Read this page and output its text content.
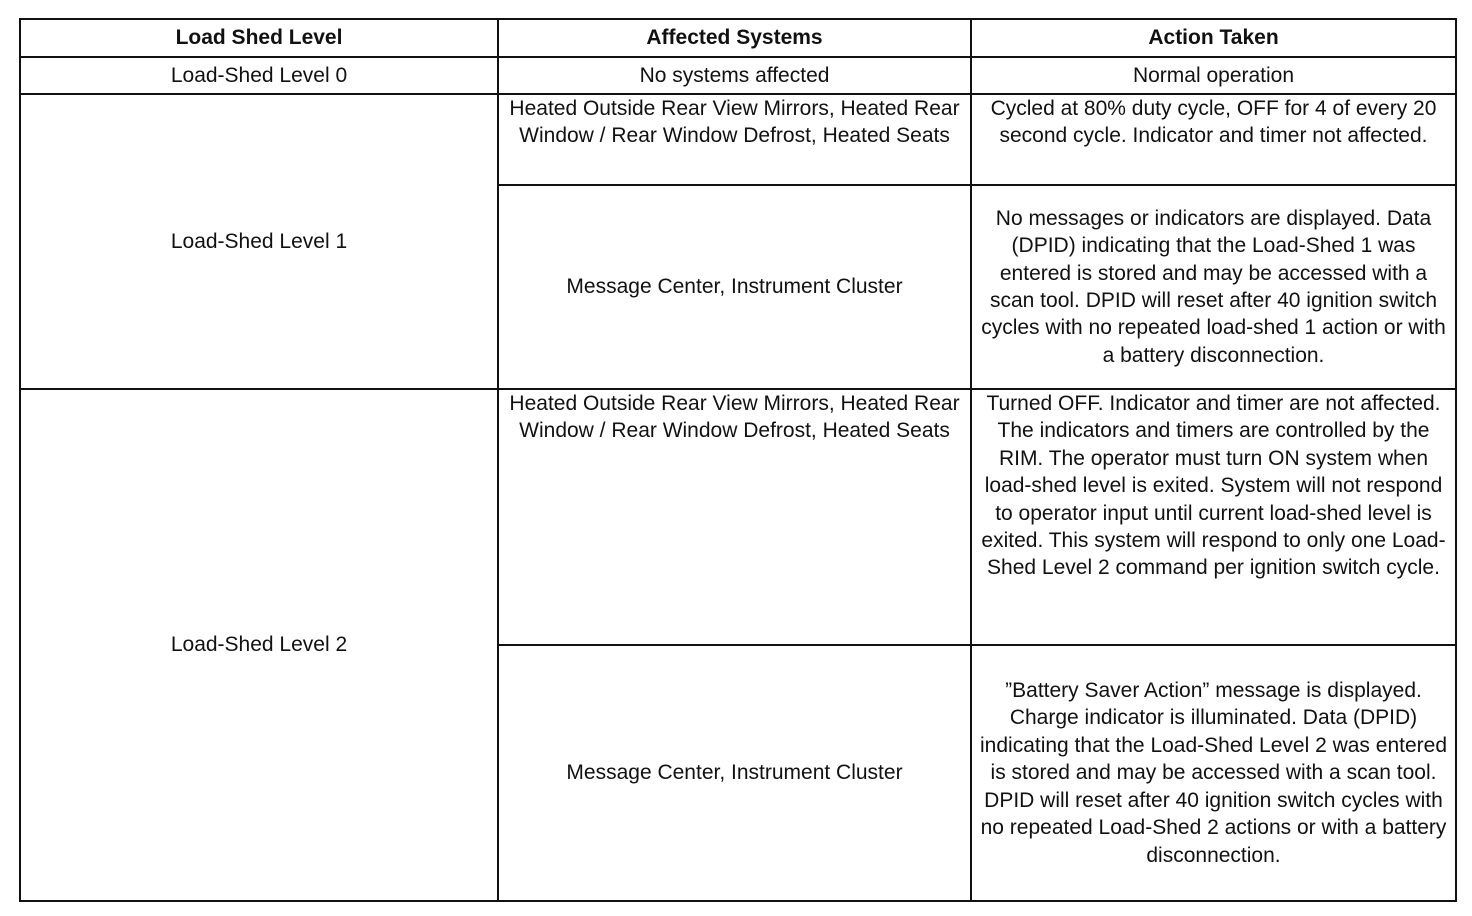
Load Shed Level	Affected Systems	Action Taken
Load-Shed Level 0	No systems affected	Normal operation
Load-Shed Level 1	Heated Outside Rear View Mirrors, Heated Rear Window / Rear Window Defrost, Heated Seats	Cycled at 80% duty cycle, OFF for 4 of every 20 second cycle. Indicator and timer not affected.
	Message Center, Instrument Cluster	No messages or indicators are displayed. Data (DPID) indicating that the Load-Shed 1 was entered is stored and may be accessed with a scan tool. DPID will reset after 40 ignition switch cycles with no repeated load-shed 1 action or with a battery disconnection.
Load-Shed Level 2	Heated Outside Rear View Mirrors, Heated Rear Window / Rear Window Defrost, Heated Seats	Turned OFF. Indicator and timer are not affected. The indicators and timers are controlled by the RIM. The operator must turn ON system when load-shed level is exited. System will not respond to operator input until current load-shed level is exited. This system will respond to only one Load-Shed Level 2 command per ignition switch cycle.
	Message Center, Instrument Cluster	”Battery Saver Action” message is displayed. Charge indicator is illuminated. Data (DPID) indicating that the Load-Shed Level 2 was entered is stored and may be accessed with a scan tool. DPID will reset after 40 ignition switch cycles with no repeated Load-Shed 2 actions or with a battery disconnection.
